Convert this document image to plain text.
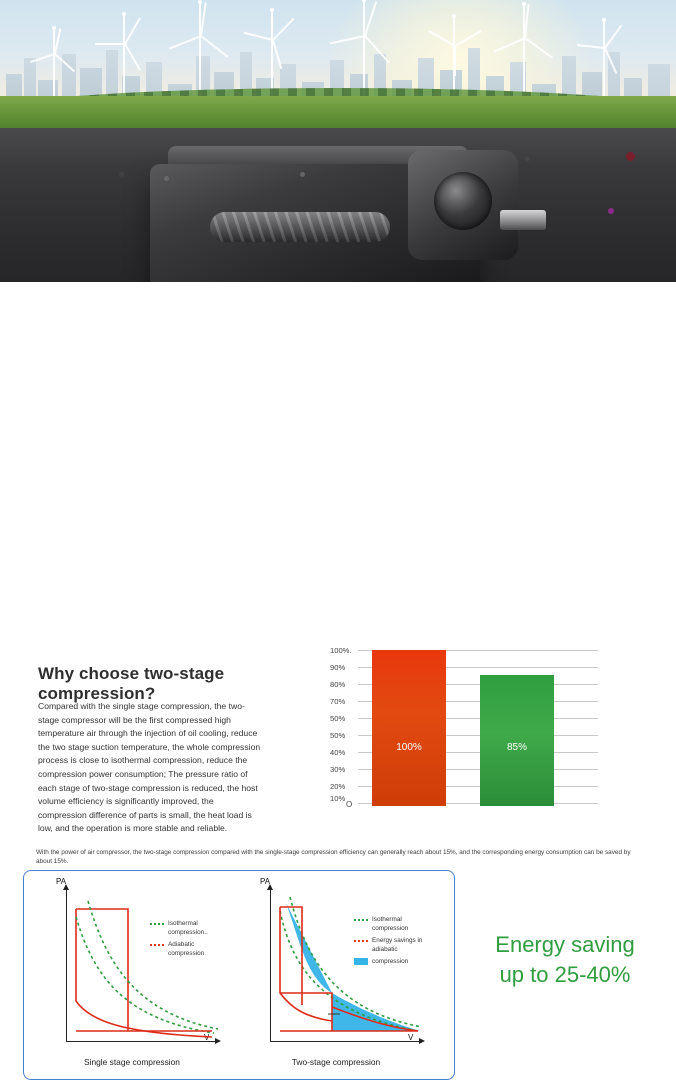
Why choose two-stage compression?
Compared with the single stage compression, the two-stage compressor will be the first compressed high temperature air through the injection of oil cooling, reduce the two stage suction temperature, the whole compression process is close to isothermal compression, reduce the compression power consumption; The pressure ratio of each stage of two-stage compression is reduced, the host volume efficiency is significantly improved, the compression difference of parts is small, the heat load is low, and the operation is more stable and reliable.
100%.
90%
80%
70%
50%
50%
40%
30%
20%
10%
O
100%	85%
With the power of air compressor, the two-stage compression compared with the single-stage compression efficiency can generally reach about 15%, and the corresponding energy consumption can be saved by about 15%.
PA
V
Isothermal compression..
Adiabatic compression
Single stage compression
PA
V
Isothermal compression
Energy savings in adiabatic
compression
Two-stage compression
Energy saving
up to 25-40%
